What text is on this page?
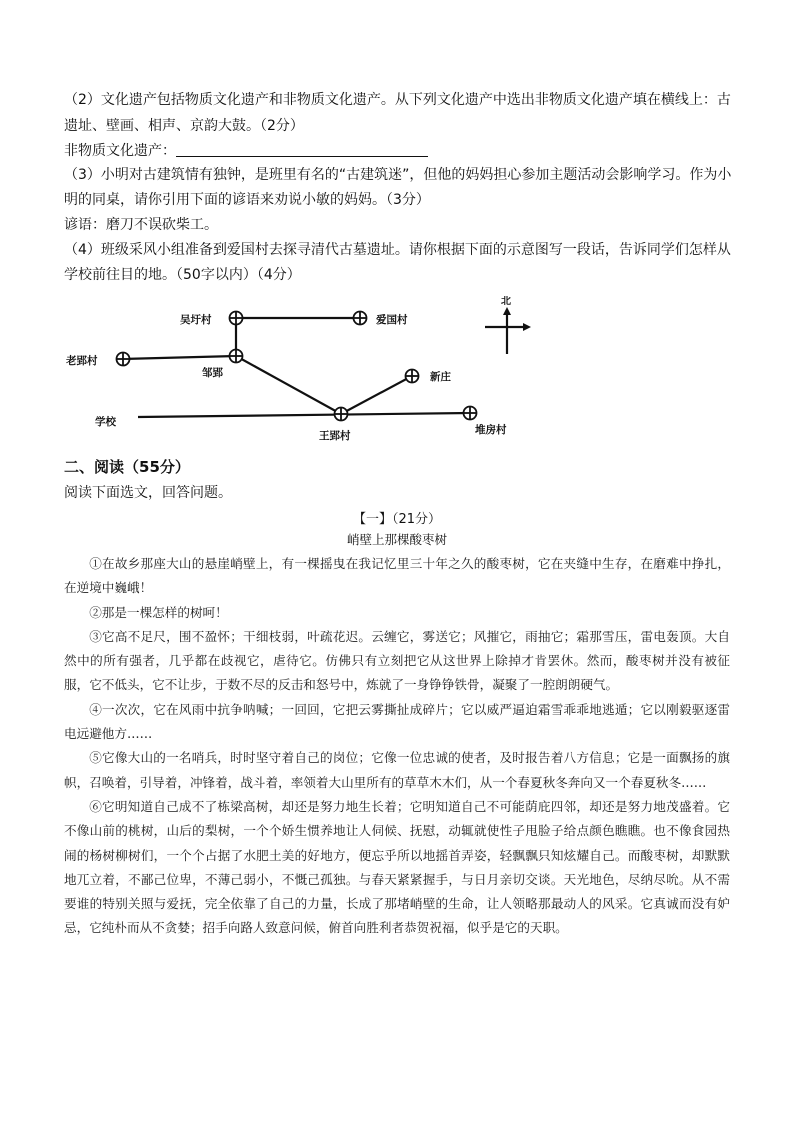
（2）文化遗产包括物质文化遗产和非物质文化遗产。从下列文化遗产中选出非物质文化遗产填在横线上：古
遗址、壁画、相声、京韵大鼓。（2分）
非物质文化遗产：
（3）小明对古建筑情有独钟，是班里有名的“古建筑迷”，但他的妈妈担心参加主题活动会影响学习。作为小
明的同桌，请你引用下面的谚语来劝说小敏的妈妈。（3分）
谚语：磨刀不误砍柴工。
（4）班级采风小组准备到爱国村去探寻清代古墓遗址。请你根据下面的示意图写一段话，告诉同学们怎样从
学校前往目的地。（50字以内）（4分）
吴圩村	爱国村
老郢村
邹郢	新庄
学校
王郢村	堆房村
北
二、阅读（55分）
阅读下面选文，回答问题。
【一】（21分）
峭壁上那棵酸枣树

①在故乡那座大山的悬崖峭壁上，有一棵摇曳在我记忆里三十年之久的酸枣树，它在夹缝中生存，在磨难中挣扎，在逆境中巍峨！

②那是一棵怎样的树呵！

③它高不足尺，围不盈怀；干细枝弱，叶疏花迟。云缠它，雾送它；风摧它，雨抽它；霜那雪压，雷电轰顶。大自然中的所有强者，几乎都在歧视它，虐待它。仿佛只有立刻把它从这世界上除掉才肯罢休。然而，酸枣树并没有被征服，它不低头，它不让步，于数不尽的反击和怒号中，炼就了一身铮铮铁骨，凝聚了一腔朗朗硬气。

④一次次，它在风雨中抗争呐喊；一回回，它把云雾撕扯成碎片；它以威严逼迫霜雪乖乖地逃遁；它以刚毅驱逐雷电远避他方……

⑤它像大山的一名哨兵，时时坚守着自己的岗位；它像一位忠诚的使者，及时报告着八方信息；它是一面飘扬的旗帜，召唤着，引导着，冲锋着，战斗着，率领着大山里所有的草草木木们，从一个春夏秋冬奔向又一个春夏秋冬……

⑥它明知道自己成不了栋梁高树，却还是努力地生长着；它明知道自己不可能荫庇四邻，却还是努力地茂盛着。它不像山前的桃树，山后的梨树，一个个娇生惯养地让人伺候、抚慰，动辄就使性子甩脸子给点颜色瞧瞧。也不像食园热闹的杨树柳树们，一个个占据了水肥土美的好地方，便忘乎所以地摇首弄姿，轻飘飘只知炫耀自己。而酸枣树，却默默地兀立着，不鄙己位卑，不薄己弱小，不慨己孤独。与春天紧紧握手，与日月亲切交谈。天光地色，尽纳尽吮。从不需要谁的特别关照与爱抚，完全依靠了自己的力量，长成了那堵峭壁的生命，让人领略那最动人的风采。它真诚而没有妒忌，它纯朴而从不贪婪；招手向路人致意问候，俯首向胜利者恭贺祝福，似乎是它的天职。
